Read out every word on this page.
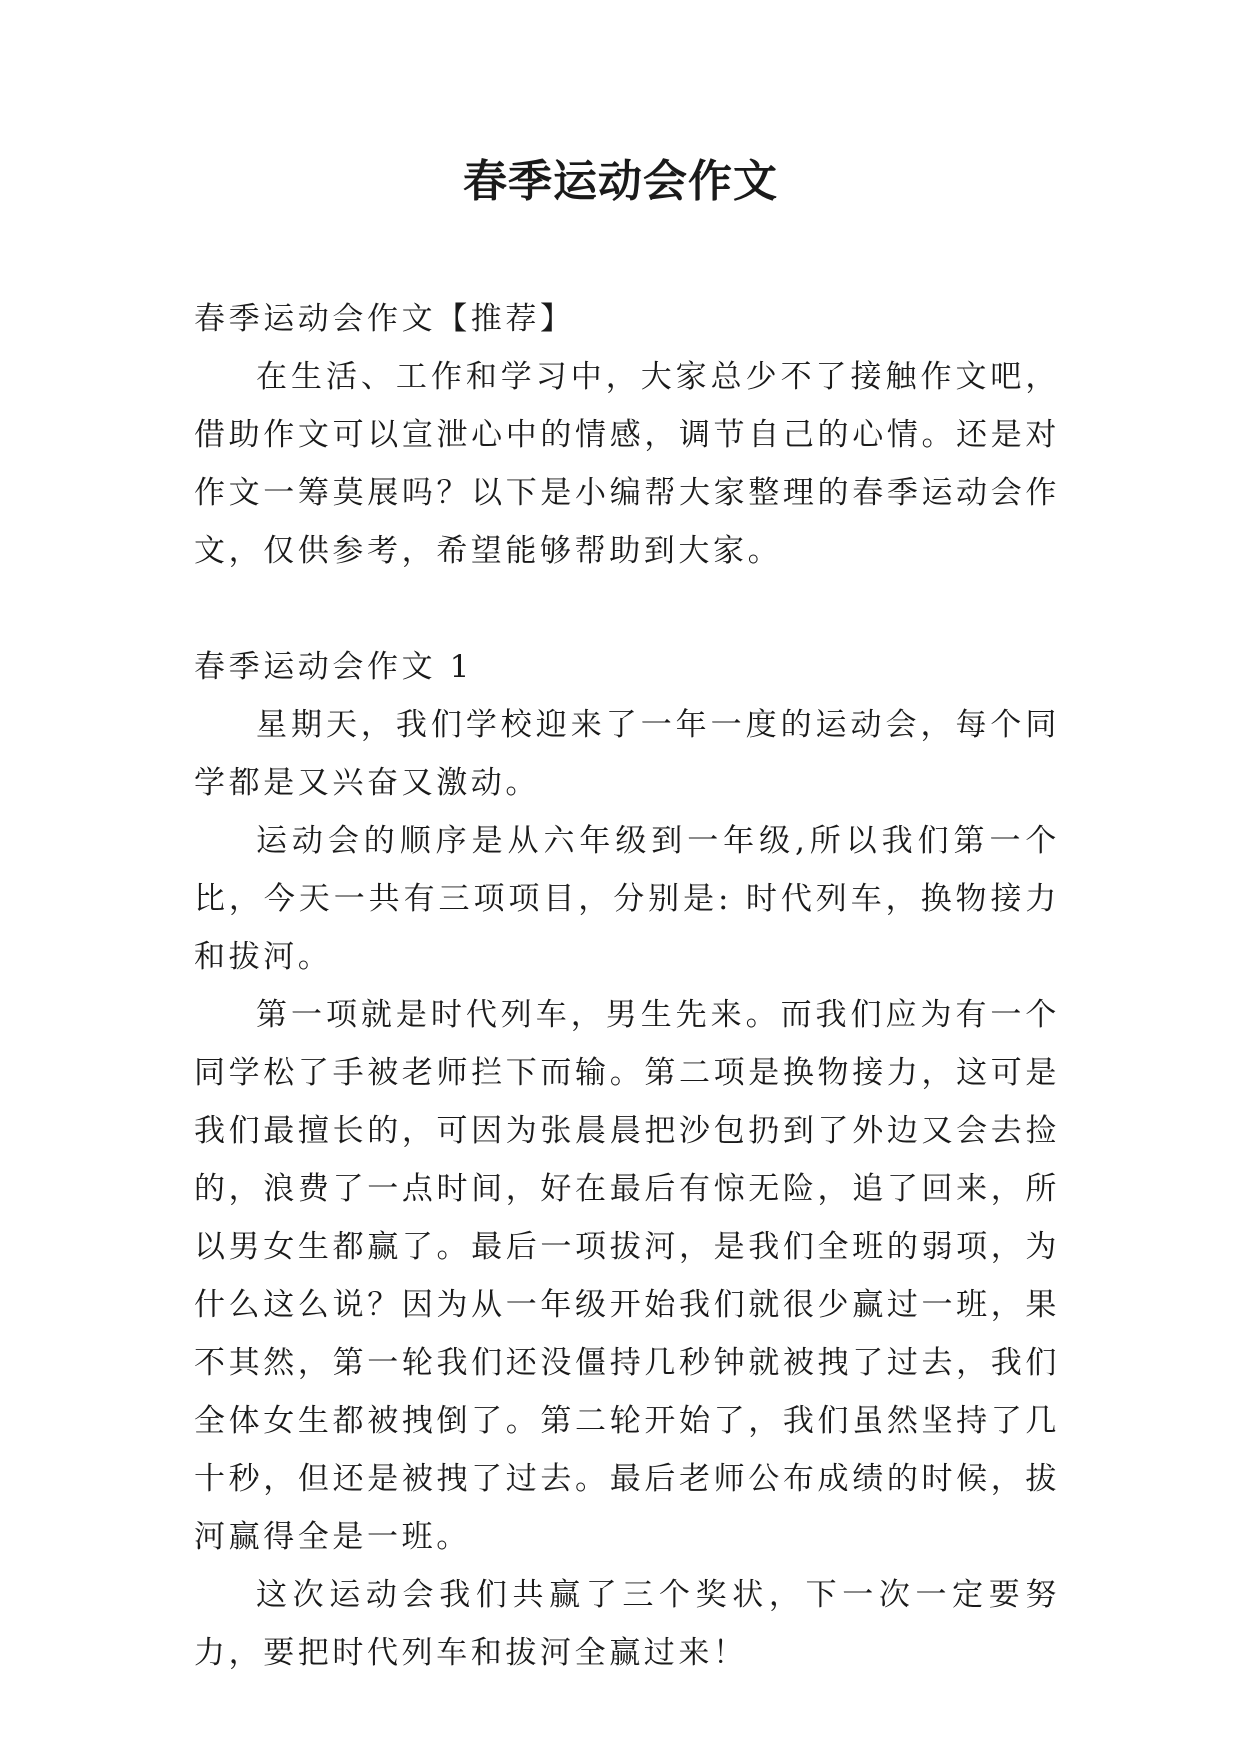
春季运动会作文

春季运动会作文【推荐】

在生活、工作和学习中，大家总少不了接触作文吧，借助作文可以宣泄心中的情感，调节自己的心情。还是对作文一筹莫展吗？以下是小编帮大家整理的春季运动会作文，仅供参考，希望能够帮助到大家。

春季运动会作文 1

星期天，我们学校迎来了一年一度的运动会，每个同学都是又兴奋又激动。

运动会的顺序是从六年级到一年级,所以我们第一个比，今天一共有三项项目，分别是: 时代列车，换物接力和拔河。

第一项就是时代列车，男生先来。而我们应为有一个同学松了手被老师拦下而输。第二项是换物接力，这可是我们最擅长的，可因为张晨晨把沙包扔到了外边又会去捡的，浪费了一点时间，好在最后有惊无险，追了回来，所以男女生都赢了。最后一项拔河，是我们全班的弱项，为什么这么说？因为从一年级开始我们就很少赢过一班，果不其然，第一轮我们还没僵持几秒钟就被拽了过去，我们全体女生都被拽倒了。第二轮开始了，我们虽然坚持了几十秒，但还是被拽了过去。最后老师公布成绩的时候，拔河赢得全是一班。

这次运动会我们共赢了三个奖状，下一次一定要努力，要把时代列车和拔河全赢过来！
